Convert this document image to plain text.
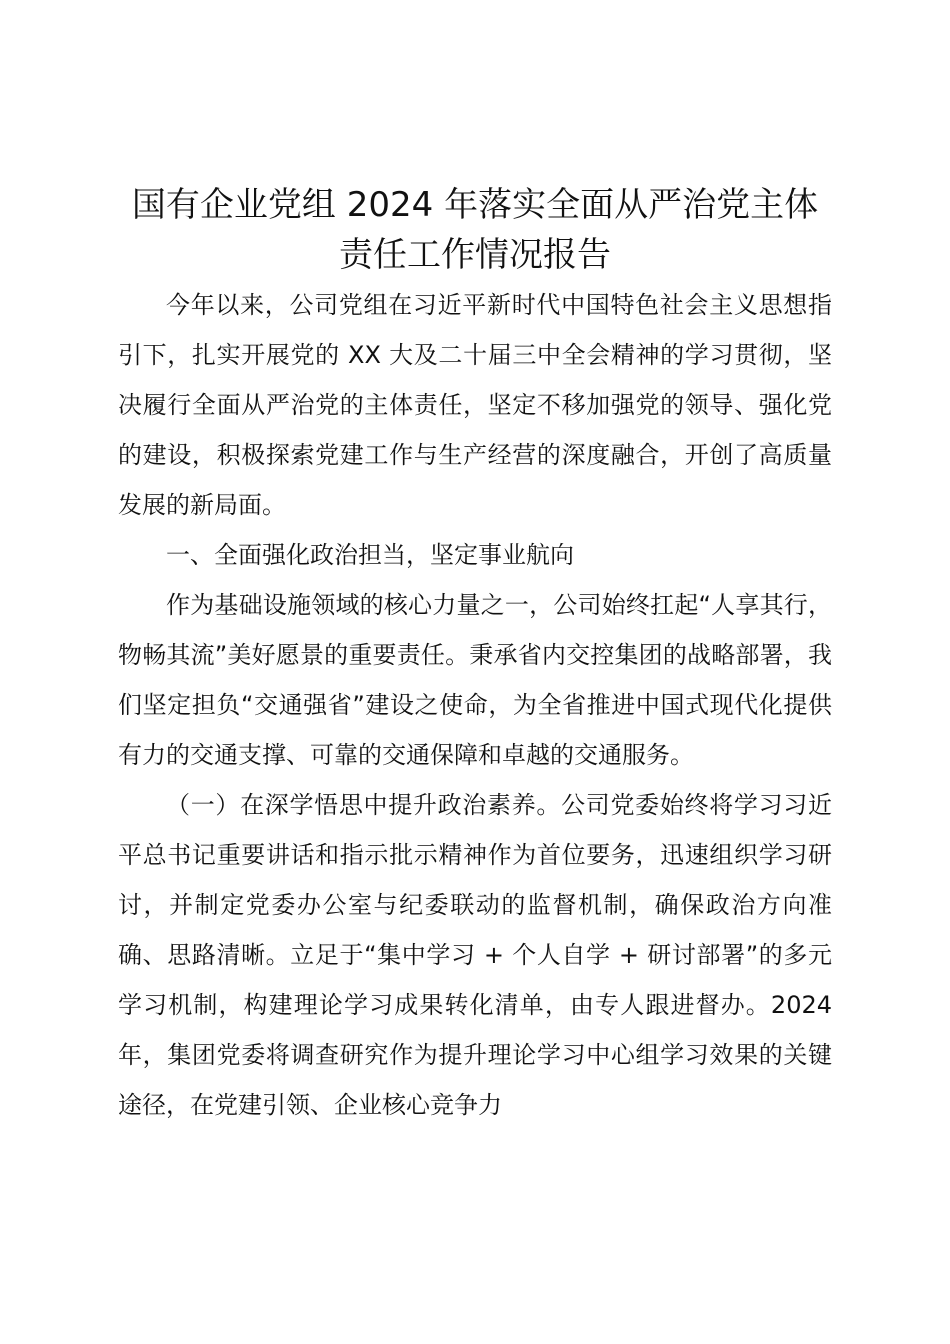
国有企业党组 2024 年落实全面从严治党主体
责任工作情况报告

今年以来，公司党组在习近平新时代中国特色社会主义思想指引下，扎实开展党的 XX 大及二十届三中全会精神的学习贯彻，坚决履行全面从严治党的主体责任，坚定不移加强党的领导、强化党的建设，积极探索党建工作与生产经营的深度融合，开创了高质量发展的新局面。

一、全面强化政治担当，坚定事业航向

作为基础设施领域的核心力量之一，公司始终扛起“人享其行，物畅其流”美好愿景的重要责任。秉承省内交控集团的战略部署，我们坚定担负“交通强省”建设之使命，为全省推进中国式现代化提供有力的交通支撑、可靠的交通保障和卓越的交通服务。

（一）在深学悟思中提升政治素养。公司党委始终将学习习近平总书记重要讲话和指示批示精神作为首位要务，迅速组织学习研讨，并制定党委办公室与纪委联动的监督机制，确保政治方向准确、思路清晰。立足于“集中学习 + 个人自学 + 研讨部署”的多元学习机制，构建理论学习成果转化清单，由专人跟进督办。2024 年，集团党委将调查研究作为提升理论学习中心组学习效果的关键途径，在党建引领、企业核心竞争力
